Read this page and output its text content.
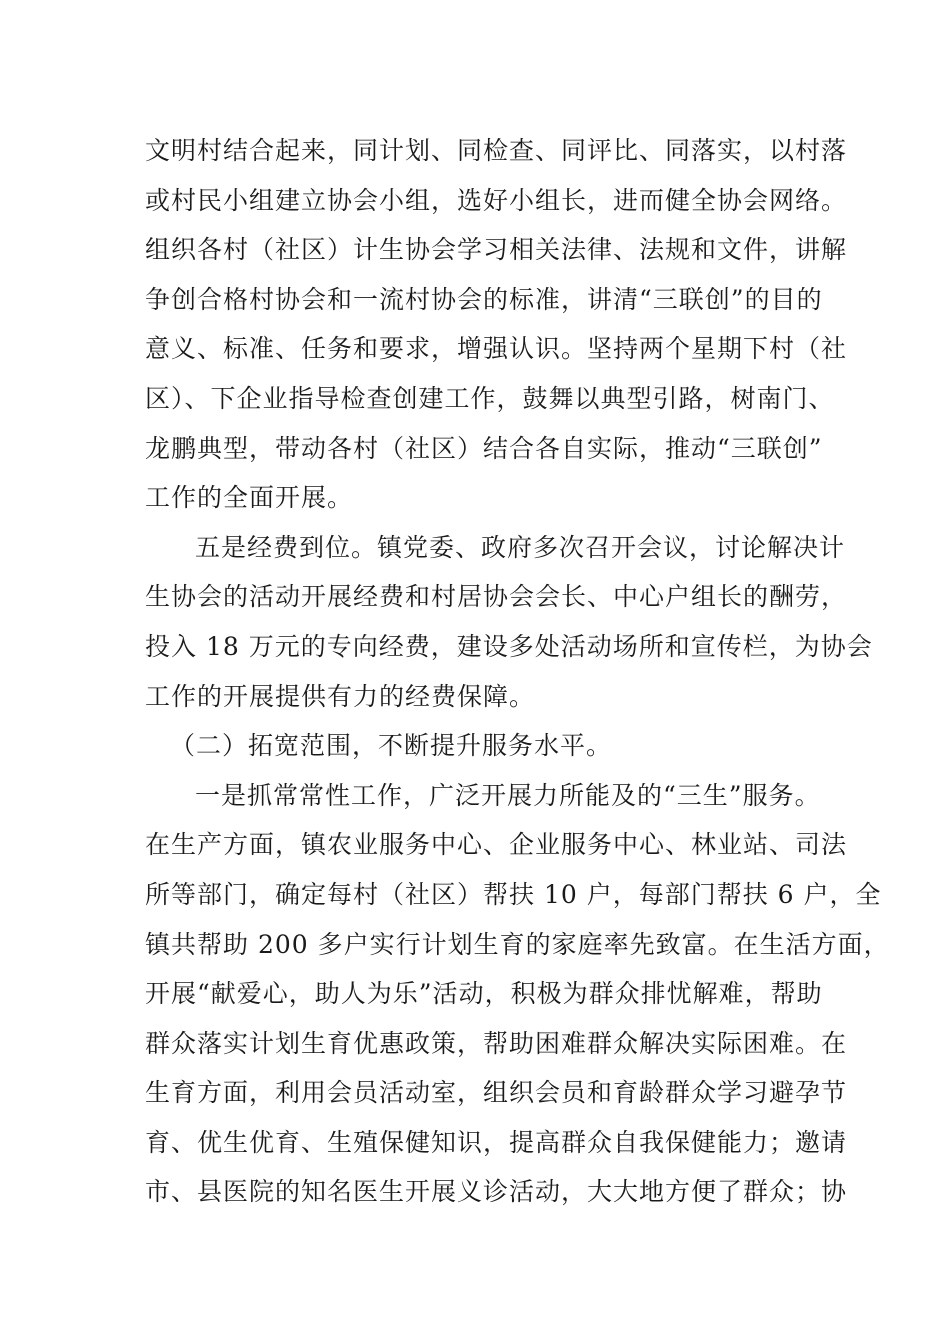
文明村结合起来，同计划、同检查、同评比、同落实，以村落
或村民小组建立协会小组，选好小组长，进而健全协会网络。
组织各村（社区）计生协会学习相关法律、法规和文件，讲解
争创合格村协会和一流村协会的标准，讲清“三联创”的目的
意义、标准、任务和要求，增强认识。坚持两个星期下村（社
区）、下企业指导检查创建工作，鼓舞以典型引路，树南门、
龙鹏典型，带动各村（社区）结合各自实际，推动“三联创”
工作的全面开展。
五是经费到位。镇党委、政府多次召开会议，讨论解决计
生协会的活动开展经费和村居协会会长、中心户组长的酬劳，
投入 18 万元的专向经费，建设多处活动场所和宣传栏，为协会
工作的开展提供有力的经费保障。
（二）拓宽范围，不断提升服务水平。
一是抓常常性工作，广泛开展力所能及的“三生”服务。
在生产方面，镇农业服务中心、企业服务中心、林业站、司法
所等部门，确定每村（社区）帮扶 10 户，每部门帮扶 6 户，全
镇共帮助 200 多户实行计划生育的家庭率先致富。在生活方面，
开展“献爱心，助人为乐”活动，积极为群众排忧解难，帮助
群众落实计划生育优惠政策，帮助困难群众解决实际困难。在
生育方面，利用会员活动室，组织会员和育龄群众学习避孕节
育、优生优育、生殖保健知识，提高群众自我保健能力；邀请
市、县医院的知名医生开展义诊活动，大大地方便了群众；协
